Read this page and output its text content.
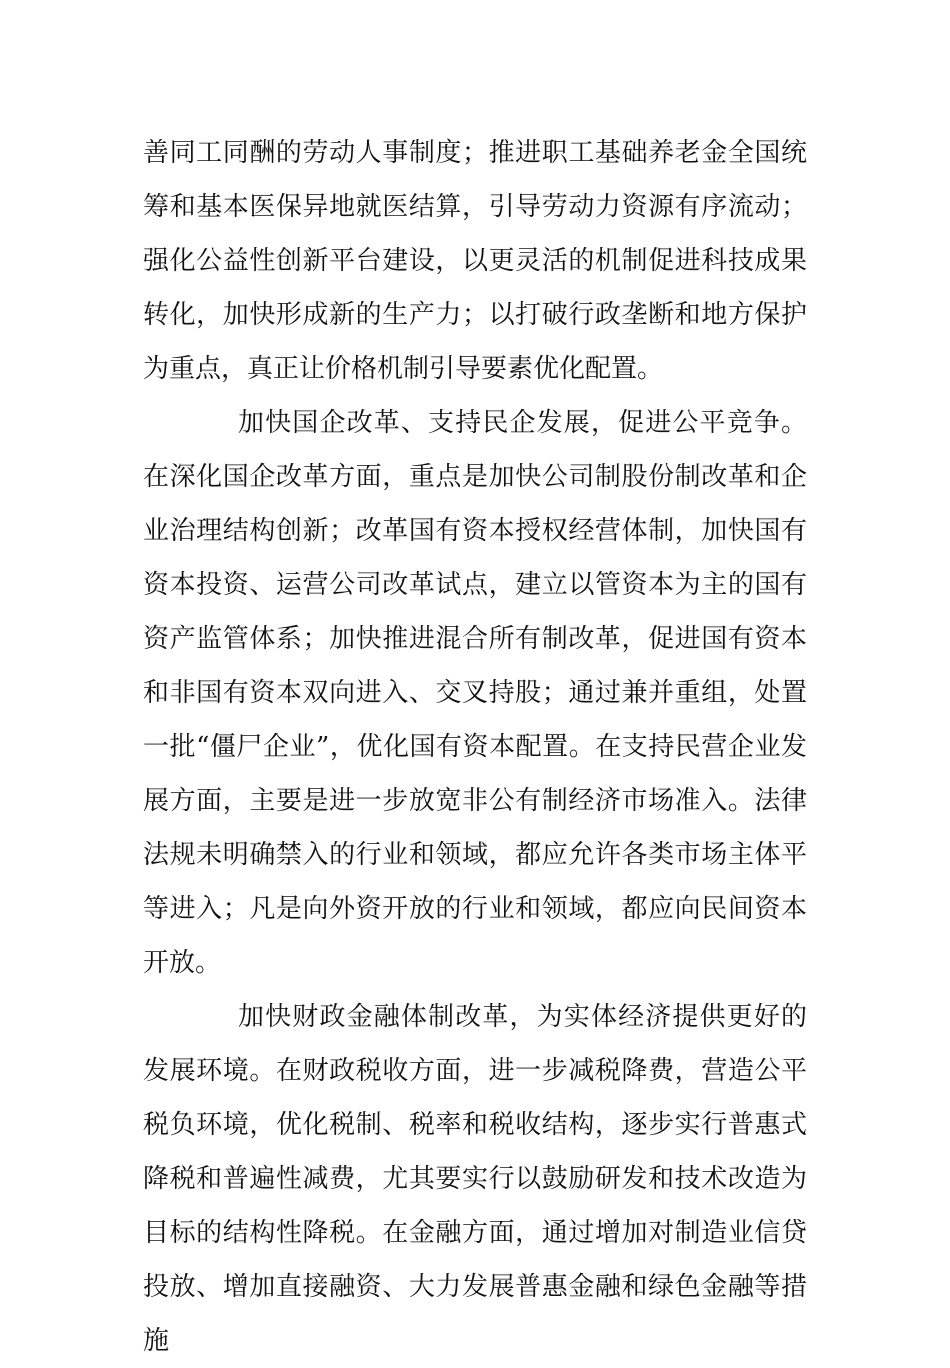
善同工同酬的劳动人事制度；推进职工基础养老金全国统筹和基本医保异地就医结算，引导劳动力资源有序流动；强化公益性创新平台建设，以更灵活的机制促进科技成果转化，加快形成新的生产力；以打破行政垄断和地方保护为重点，真正让价格机制引导要素优化配置。

加快国企改革、支持民企发展，促进公平竞争。在深化国企改革方面，重点是加快公司制股份制改革和企业治理结构创新；改革国有资本授权经营体制，加快国有资本投资、运营公司改革试点，建立以管资本为主的国有资产监管体系；加快推进混合所有制改革，促进国有资本和非国有资本双向进入、交叉持股；通过兼并重组，处置一批“僵尸企业”，优化国有资本配置。在支持民营企业发展方面，主要是进一步放宽非公有制经济市场准入。法律法规未明确禁入的行业和领域，都应允许各类市场主体平等进入；凡是向外资开放的行业和领域，都应向民间资本开放。

加快财政金融体制改革，为实体经济提供更好的发展环境。在财政税收方面，进一步减税降费，营造公平税负环境，优化税制、税率和税收结构，逐步实行普惠式降税和普遍性减费，尤其要实行以鼓励研发和技术改造为目标的结构性降税。在金融方面，通过增加对制造业信贷投放、增加直接融资、大力发展普惠金融和绿色金融等措施
